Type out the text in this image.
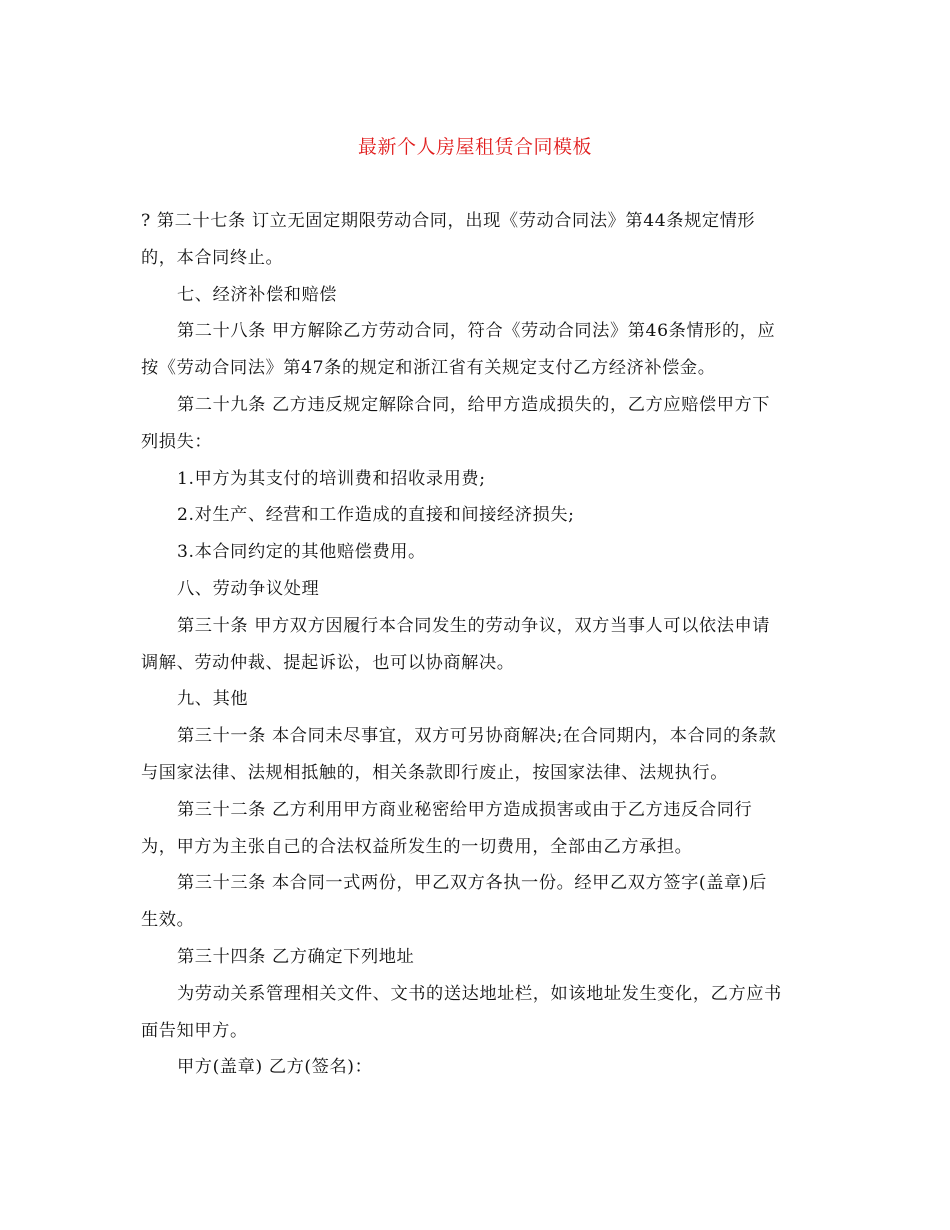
最新个人房屋租赁合同模板
? 第二十七条 订立无固定期限劳动合同，出现《劳动合同法》第44条规定情形
的，本合同终止。
七、经济补偿和赔偿
第二十八条 甲方解除乙方劳动合同，符合《劳动合同法》第46条情形的，应
按《劳动合同法》第47条的规定和浙江省有关规定支付乙方经济补偿金。
第二十九条 乙方违反规定解除合同，给甲方造成损失的，乙方应赔偿甲方下
列损失：
1.甲方为其支付的培训费和招收录用费;
2.对生产、经营和工作造成的直接和间接经济损失;
3.本合同约定的其他赔偿费用。
八、劳动争议处理
第三十条 甲方双方因履行本合同发生的劳动争议，双方当事人可以依法申请
调解、劳动仲裁、提起诉讼，也可以协商解决。
九、其他
第三十一条 本合同未尽事宜，双方可另协商解决;在合同期内，本合同的条款
与国家法律、法规相抵触的，相关条款即行废止，按国家法律、法规执行。
第三十二条 乙方利用甲方商业秘密给甲方造成损害或由于乙方违反合同行
为，甲方为主张自己的合法权益所发生的一切费用，全部由乙方承担。
第三十三条 本合同一式两份，甲乙双方各执一份。经甲乙双方签字(盖章)后
生效。
第三十四条 乙方确定下列地址
为劳动关系管理相关文件、文书的送达地址栏，如该地址发生变化，乙方应书
面告知甲方。
甲方(盖章) 乙方(签名)：
